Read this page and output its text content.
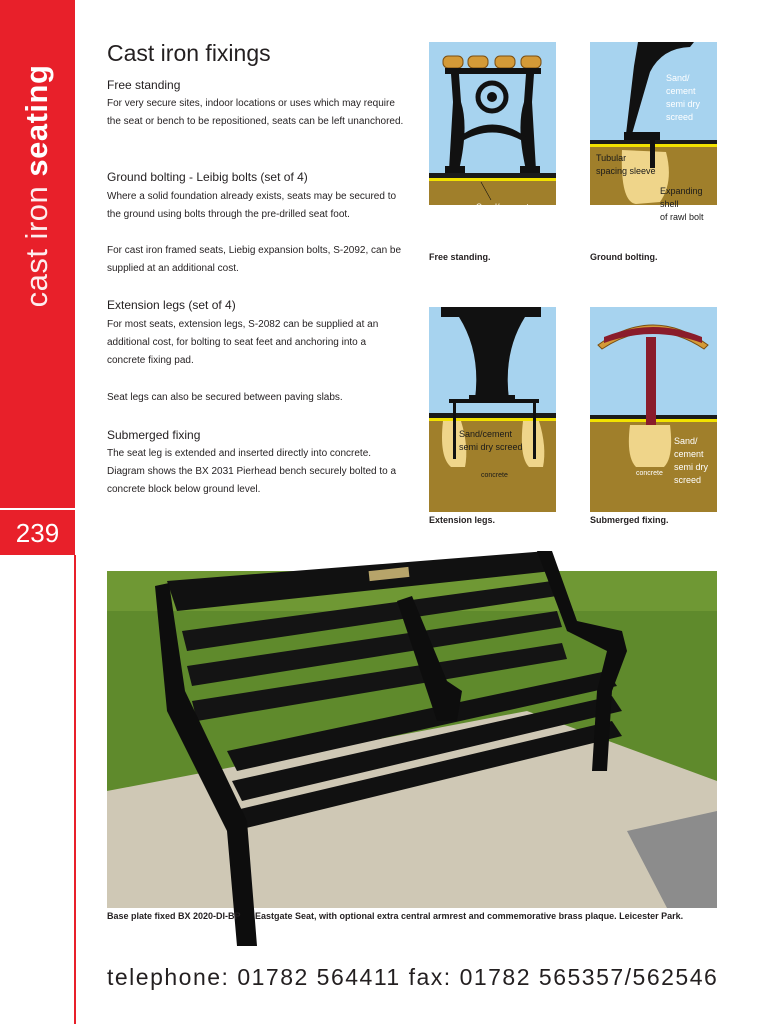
cast iron seating
239
Cast iron fixings

Free standing

For very secure sites, indoor locations or uses which may require the seat or bench to be repositioned, seats can be left unanchored.

Ground bolting - Leibig bolts (set of 4)

Where a solid foundation already exists, seats may be secured to the ground using bolts through the pre-drilled seat foot.

For cast iron framed seats, Liebig expansion bolts, S-2092, can be supplied at an additional cost.

Extension legs (set of 4)

For most seats, extension legs, S-2082 can be supplied at an additional cost, for bolting to seat feet and anchoring into a concrete fixing pad.

Seat legs can also be secured between paving slabs.

Submerged fixing

The seat leg is extended and inserted directly into concrete. Diagram shows the BX 2031 Pierhead bench securely bolted to a concrete block below ground level.

Sand/cement
semi dry screed
Free standing.
Sand/
cement
semi dry
screed
Tubular
spacing sleeve
Expanding
shell
of rawl bolt
concrete
Ground bolting.
Sand/cement
semi dry screed
concrete
Extension legs.
Sand/
cement
semi dry
screed
concrete
Submerged fixing.
Base plate fixed BX 2020-DI-BP Eastgate Seat, with optional extra central armrest and commemorative brass plaque. Leicester Park.
telephone: 01782 564411 fax: 01782 565357/562546
